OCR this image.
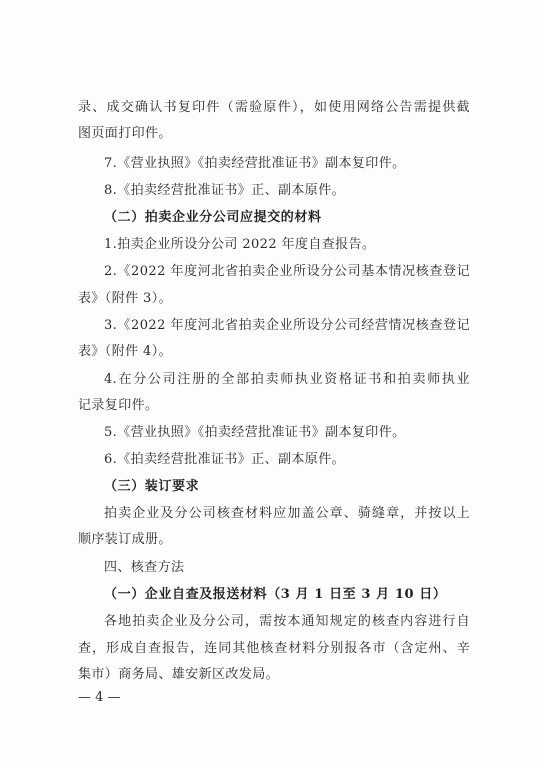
录、成交确认书复印件（需验原件），如使用网络公告需提供截
图页面打印件。
7.《营业执照》《拍卖经营批准证书》副本复印件。
8.《拍卖经营批准证书》正、副本原件。
（二）拍卖企业分公司应提交的材料
1.拍卖企业所设分公司 2022 年度自查报告。
2.《2022 年度河北省拍卖企业所设分公司基本情况核查登记
表》（附件 3）。
3.《2022 年度河北省拍卖企业所设分公司经营情况核查登记
表》（附件 4）。
4.在分公司注册的全部拍卖师执业资格证书和拍卖师执业
记录复印件。
5.《营业执照》《拍卖经营批准证书》副本复印件。
6.《拍卖经营批准证书》正、副本原件。
（三）装订要求
拍卖企业及分公司核查材料应加盖公章、骑缝章，并按以上
顺序装订成册。
四、核查方法
（一）企业自查及报送材料（3 月 1 日至 3 月 10 日）
各地拍卖企业及分公司，需按本通知规定的核查内容进行自
查，形成自查报告，连同其他核查材料分别报各市（含定州、辛
集市）商务局、雄安新区改发局。
— 4 —
